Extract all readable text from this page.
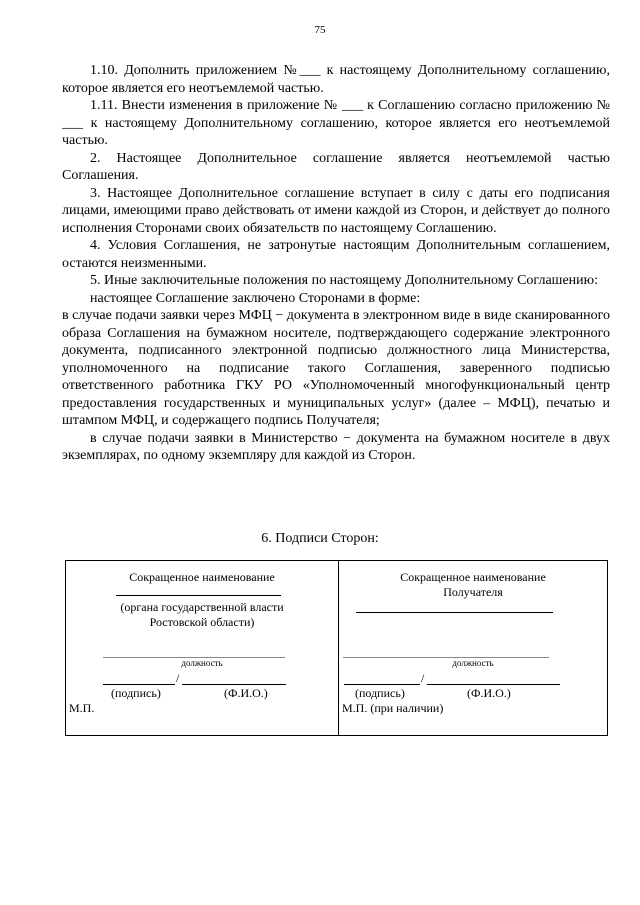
75

1.10. Дополнить приложением №___ к настоящему Дополнительному соглашению, которое является его неотъемлемой частью.

1.11. Внести изменения в приложение № ___ к Соглашению согласно приложению № ___ к настоящему Дополнительному соглашению, которое является его неотъемлемой частью.

2. Настоящее Дополнительное соглашение является неотъемлемой частью Соглашения.

3. Настоящее Дополнительное соглашение вступает в силу с даты его подписания лицами, имеющими право действовать от имени каждой из Сторон, и действует до полного исполнения Сторонами своих обязательств по настоящему Соглашению.

4. Условия Соглашения, не затронутые настоящим Дополнительным соглашением, остаются неизменными.

5. Иные заключительные положения по настоящему Дополнительному Соглашению:

настоящее Соглашение заключено Сторонами в форме:

в случае подачи заявки через МФЦ − документа в электронном виде в виде сканированного образа Соглашения на бумажном носителе, подтверждающего содержание электронного документа, подписанного электронной подписью должностного лица Министерства, уполномоченного на подписание такого Соглашения, заверенного подписью ответственного работника ГКУ РО «Уполномоченный многофункциональный центр предоставления государственных и муниципальных услуг» (далее – МФЦ), печатью и штампом МФЦ, и содержащего подпись Получателя;

в случае подачи заявки в Министерство − документа на бумажном носителе в двух экземплярах, по одному экземпляру для каждой из Сторон.

6. Подписи Сторон:
Сокращенное наименование
(органа государственной власти
Ростовской области)
должность
/
(подпись)	(Ф.И.О.)
М.П.
Сокращенное наименование
Получателя
должность
/
(подпись)	(Ф.И.О.)
М.П. (при наличии)
